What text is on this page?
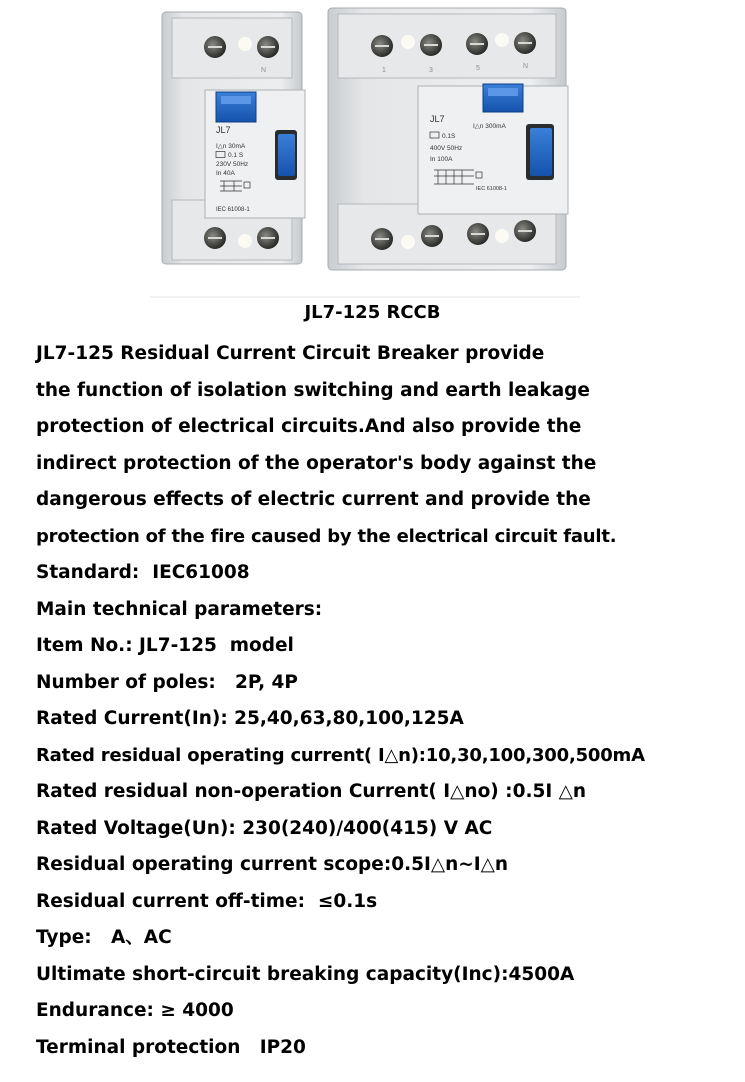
N
JL7
I△n 30mA
0.1 S
230V 50Hz
In 40A
IEC 61008-1
1	3	5	N
JL7
I△n 300mA
0.1S
400V 50Hz
In 100A
IEC 61008-1
JL7-125 RCCB
JL7-125 Residual Current Circuit Breaker provide
the function of isolation switching and earth leakage
protection of electrical circuits.And also provide the
indirect protection of the operator's body against the
dangerous effects of electric current and provide the
protection of the fire caused by the electrical circuit fault.
Standard:  IEC61008
Main technical parameters:
Item No.: JL7-125  model
Number of poles:   2P, 4P
Rated Current(In): 25,40,63,80,100,125A
Rated residual operating current( I△n):10,30,100,300,500mA
Rated residual non-operation Current( I△no) :0.5I △n
Rated Voltage(Un): 230(240)/400(415) V AC
Residual operating current scope:0.5I△n~I△n
Residual current off-time:  ≤0.1s
Type:   A、AC
Ultimate short-circuit breaking capacity(Inc):4500A
Endurance: ≥ 4000
Terminal protection   IP20
